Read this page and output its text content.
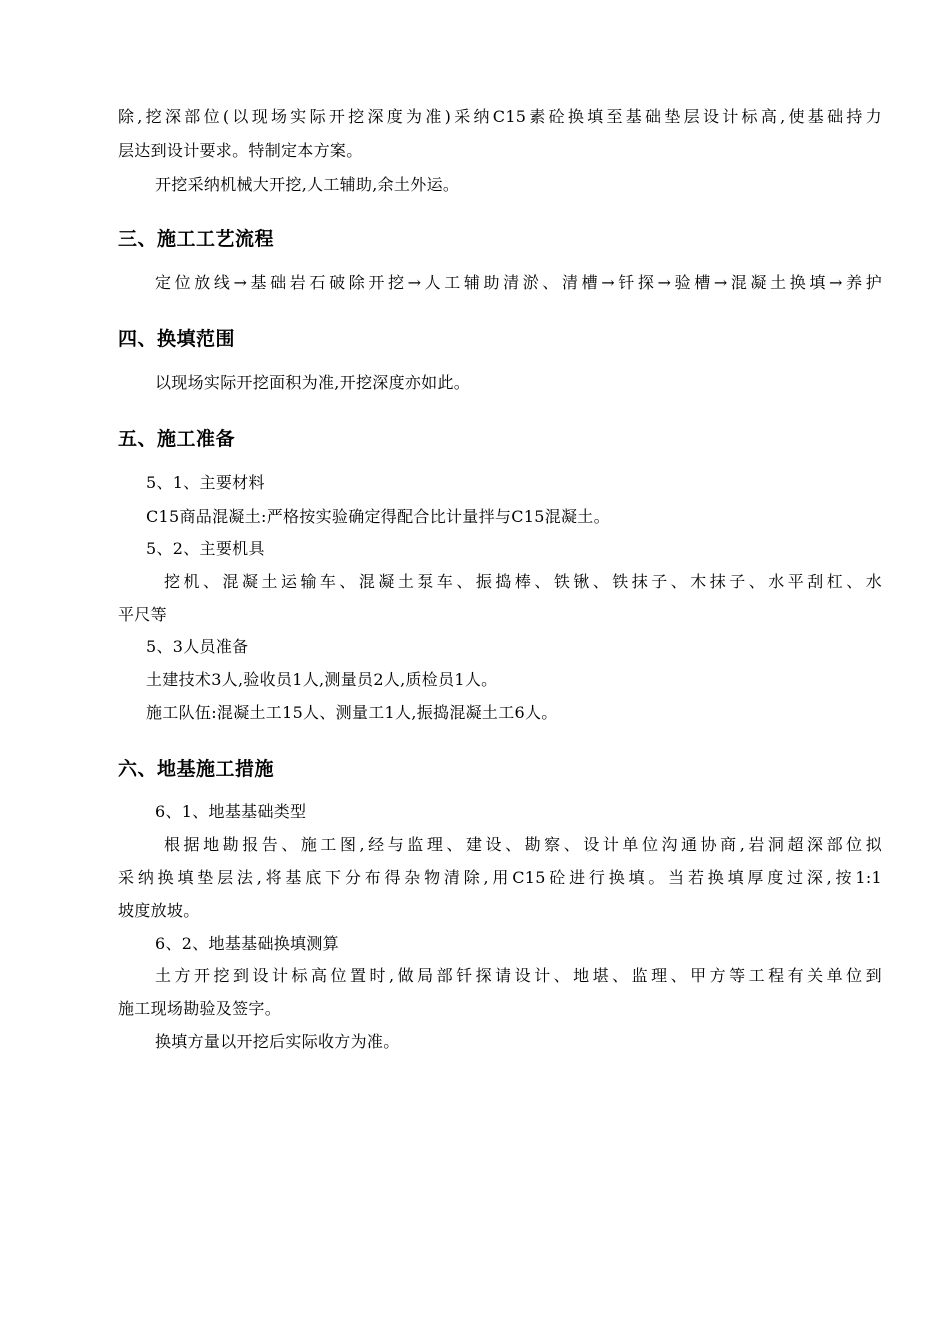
除,挖深部位(以现场实际开挖深度为准)采纳C15素砼换填至基础垫层设计标高,使基础持力
层达到设计要求。特制定本方案。
开挖采纳机械大开挖,人工辅助,余土外运。
三、施工工艺流程
定位放线→基础岩石破除开挖→人工辅助清淤、清槽→钎探→验槽→混凝土换填→养护
四、换填范围
以现场实际开挖面积为准,开挖深度亦如此。
五、施工准备
5、1、主要材料
C15商品混凝土:严格按实验确定得配合比计量拌与C15混凝土。
5、2、主要机具
挖机、混凝土运输车、混凝土泵车、振捣棒、铁锹、铁抹子、木抹子、水平刮杠、水
平尺等
5、3人员准备
土建技术3人,验收员1人,测量员2人,质检员1人。
施工队伍:混凝土工15人、测量工1人,振捣混凝土工6人。
六、地基施工措施
6、1、地基基础类型
根据地勘报告、施工图,经与监理、建设、勘察、设计单位沟通协商,岩洞超深部位拟
采纳换填垫层法,将基底下分布得杂物清除,用C15砼进行换填。当若换填厚度过深,按1:1
坡度放坡。
6、2、地基基础换填测算
土方开挖到设计标高位置时,做局部钎探请设计、地堪、监理、甲方等工程有关单位到
施工现场勘验及签字。
换填方量以开挖后实际收方为准。
